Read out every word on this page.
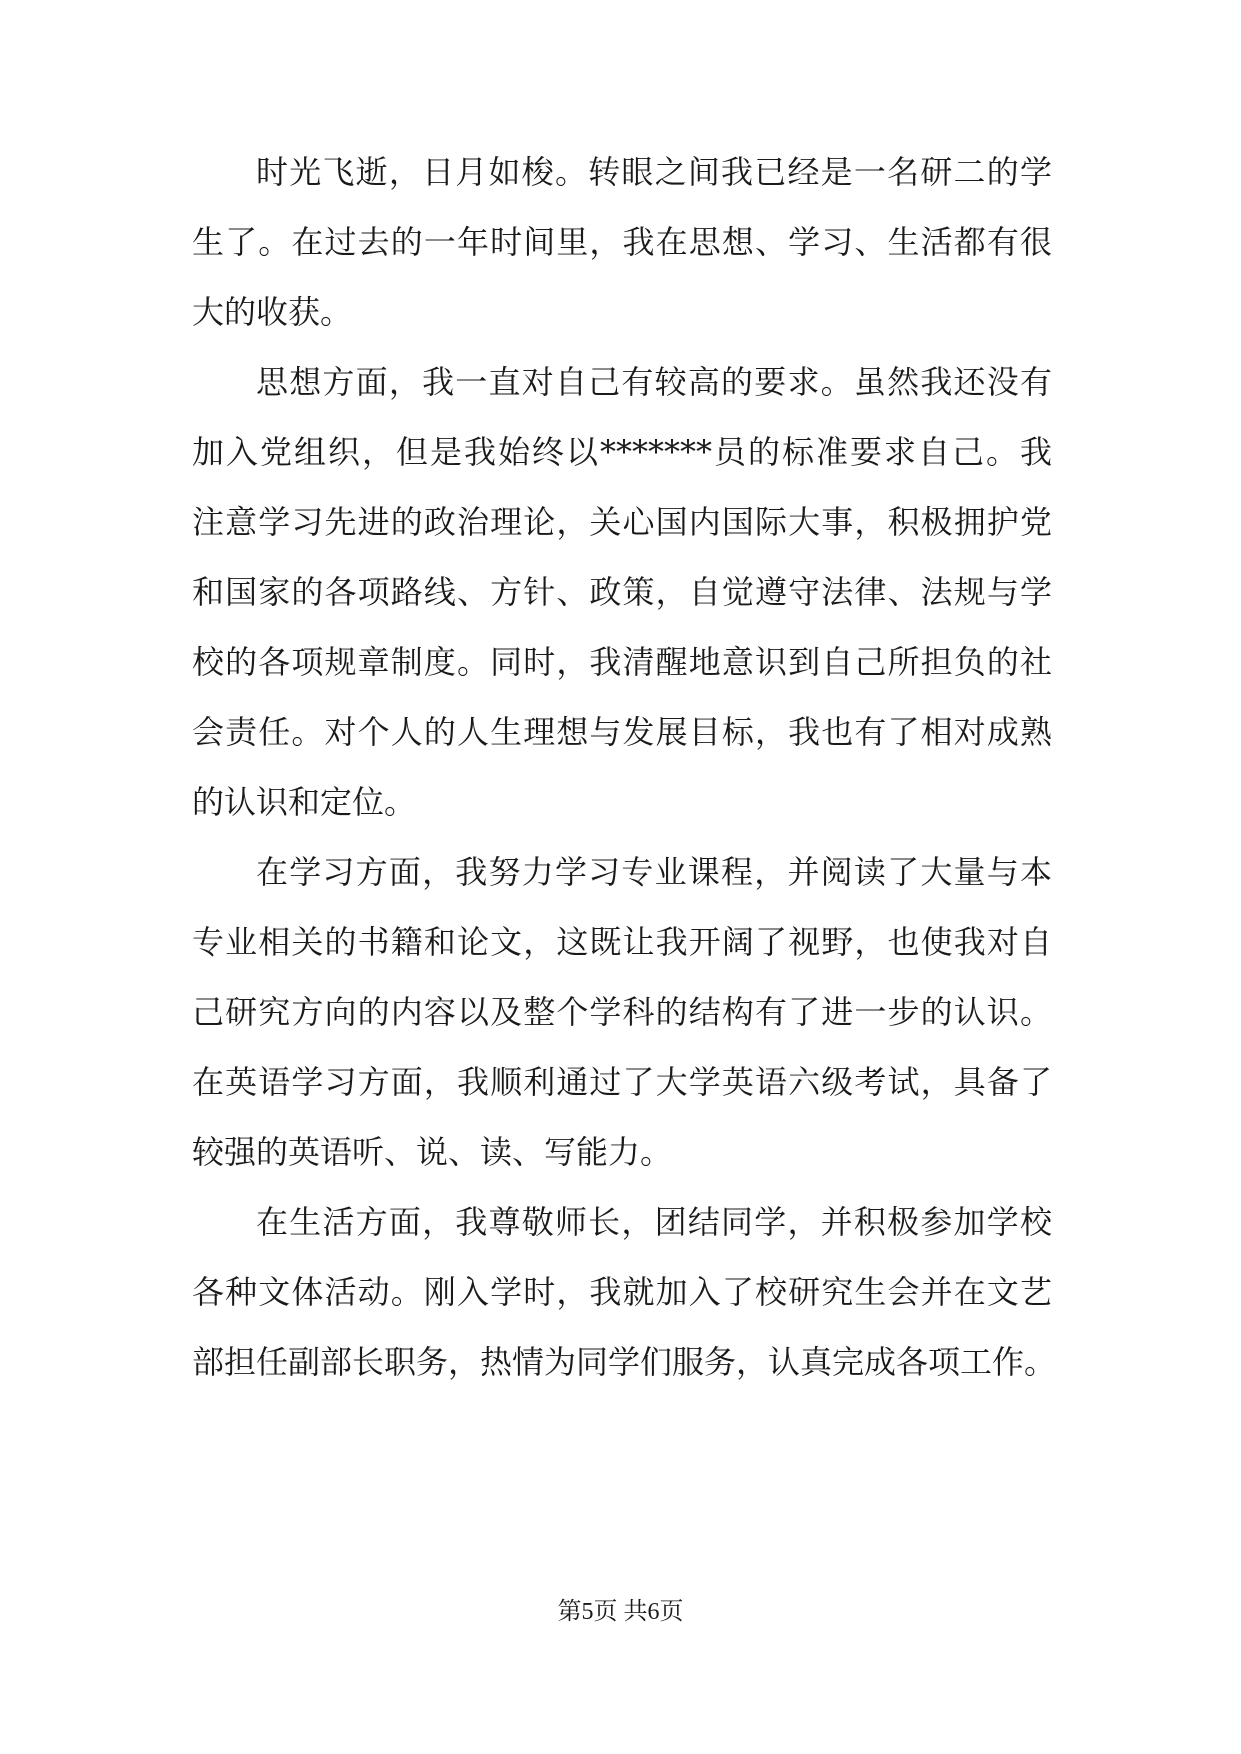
时光飞逝，日月如梭。转眼之间我已经是一名研二的学
生了。在过去的一年时间里，我在思想、学习、生活都有很
大的收获。
思想方面，我一直对自己有较高的要求。虽然我还没有
加入党组织，但是我始终以*******员的标准要求自己。我
注意学习先进的政治理论，关心国内国际大事，积极拥护党
和国家的各项路线、方针、政策，自觉遵守法律、法规与学
校的各项规章制度。同时，我清醒地意识到自己所担负的社
会责任。对个人的人生理想与发展目标，我也有了相对成熟
的认识和定位。
在学习方面，我努力学习专业课程，并阅读了大量与本
专业相关的书籍和论文，这既让我开阔了视野，也使我对自
己研究方向的内容以及整个学科的结构有了进一步的认识。
在英语学习方面，我顺利通过了大学英语六级考试，具备了
较强的英语听、说、读、写能力。
在生活方面，我尊敬师长，团结同学，并积极参加学校
各种文体活动。刚入学时，我就加入了校研究生会并在文艺
部担任副部长职务，热情为同学们服务，认真完成各项工作。
第5页 共6页
